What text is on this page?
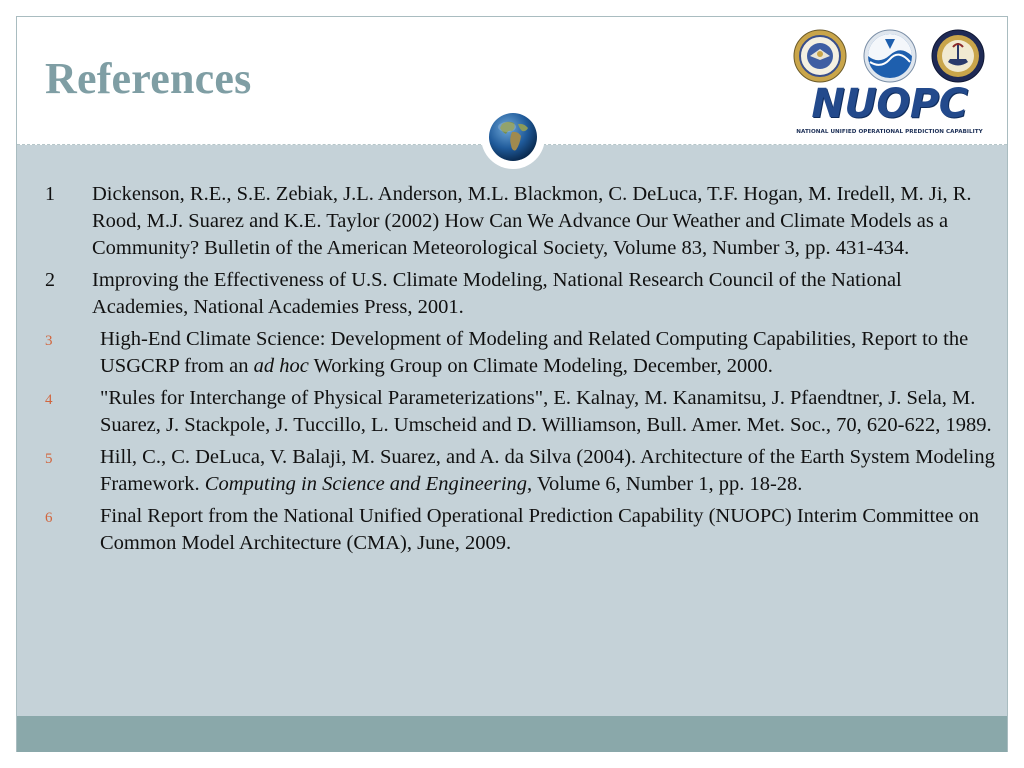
References
NUOPC
NATIONAL UNIFIED OPERATIONAL PREDICTION CAPABILITY
1 Dickenson, R.E., S.E. Zebiak, J.L. Anderson, M.L. Blackmon, C. DeLuca, T.F. Hogan, M. Iredell, M. Ji, R. Rood, M.J. Suarez and K.E. Taylor (2002) How Can We Advance Our Weather and Climate Models as a Community? Bulletin of the American Meteorological Society, Volume 83, Number 3, pp. 431-434.
2 Improving the Effectiveness of U.S. Climate Modeling, National Research Council of the National Academies, National Academies Press, 2001.
3 High-End Climate Science: Development of Modeling and Related Computing Capabilities, Report to the USGCRP from an ad hoc Working Group on Climate Modeling, December, 2000.
4 "Rules for Interchange of Physical Parameterizations", E. Kalnay, M. Kanamitsu, J. Pfaendtner, J. Sela, M. Suarez, J. Stackpole, J. Tuccillo, L. Umscheid and D. Williamson, Bull. Amer. Met. Soc., 70, 620-622, 1989.
5 Hill, C., C. DeLuca, V. Balaji, M. Suarez, and A. da Silva (2004). Architecture of the Earth System Modeling Framework. Computing in Science and Engineering, Volume 6, Number 1, pp. 18-28.
6 Final Report from the National Unified Operational Prediction Capability (NUOPC) Interim Committee on Common Model Architecture (CMA), June, 2009.
